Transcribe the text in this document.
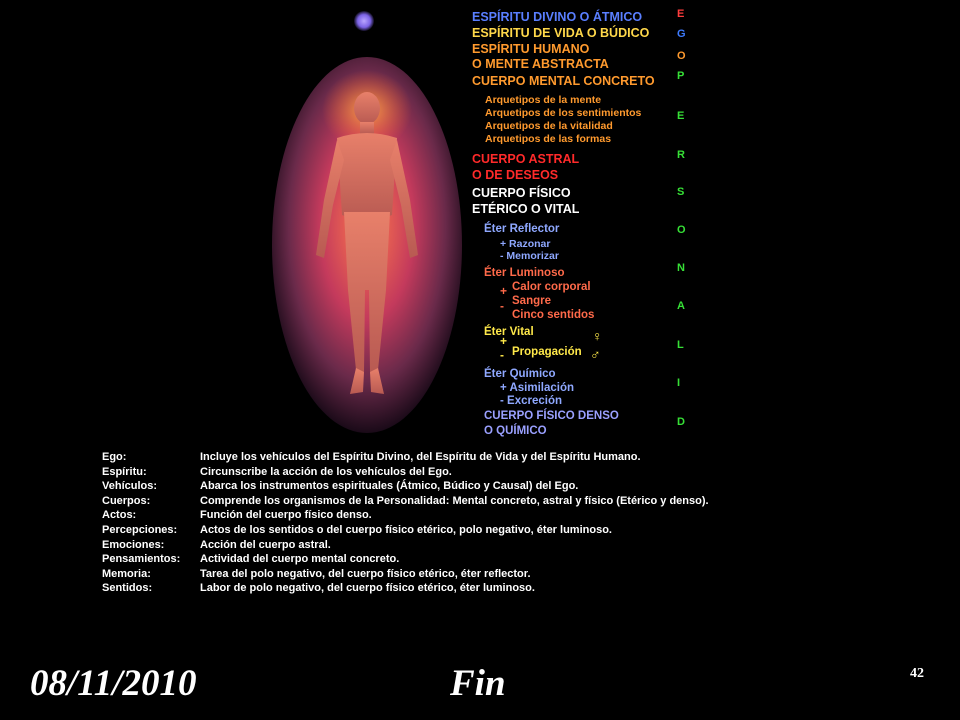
ESPÍRITU DIVINO O ÁTMICO
ESPÍRITU DE VIDA O BÚDICO
ESPÍRITU HUMANO
O MENTE ABSTRACTA
CUERPO MENTAL CONCRETO
Arquetipos de la mente
Arquetipos de los sentimientos
Arquetipos de la vitalidad
Arquetipos de las formas
CUERPO ASTRAL
O DE DESEOS
CUERPO FÍSICO
ETÉRICO O VITAL
Éter Reflector
+ Razonar
- Memorizar
Éter Luminoso
Calor corporal
Sangre
Cinco sentidos
Éter Vital
Propagación
Éter Químico
+ Asimilación
- Excreción
CUERPO FÍSICO DENSO
O QUÍMICO
+
-
+
-
♀
♂
E
G
O
P
E
R
S
O
N
A
L
I
D
Ego:	Incluye los vehículos del Espíritu Divino, del Espíritu de Vida y del Espíritu Humano.
Espíritu:	Circunscribe la acción de los vehículos del Ego.
Vehículos:	Abarca los instrumentos espirituales (Átmico, Búdico y Causal) del Ego.
Cuerpos:	Comprende los organismos de la Personalidad: Mental concreto, astral y físico (Etérico y denso).
Actos:	Función del cuerpo físico denso.
Percepciones: Actos de los sentidos o del cuerpo físico etérico, polo negativo, éter luminoso.
Emociones:	Acción del cuerpo astral.
Pensamientos: Actividad del cuerpo mental concreto.
Memoria:	Tarea del polo negativo, del cuerpo físico etérico, éter reflector.
Sentidos:	Labor de polo negativo, del cuerpo físico etérico, éter luminoso.
08/11/2010	Fin	42
